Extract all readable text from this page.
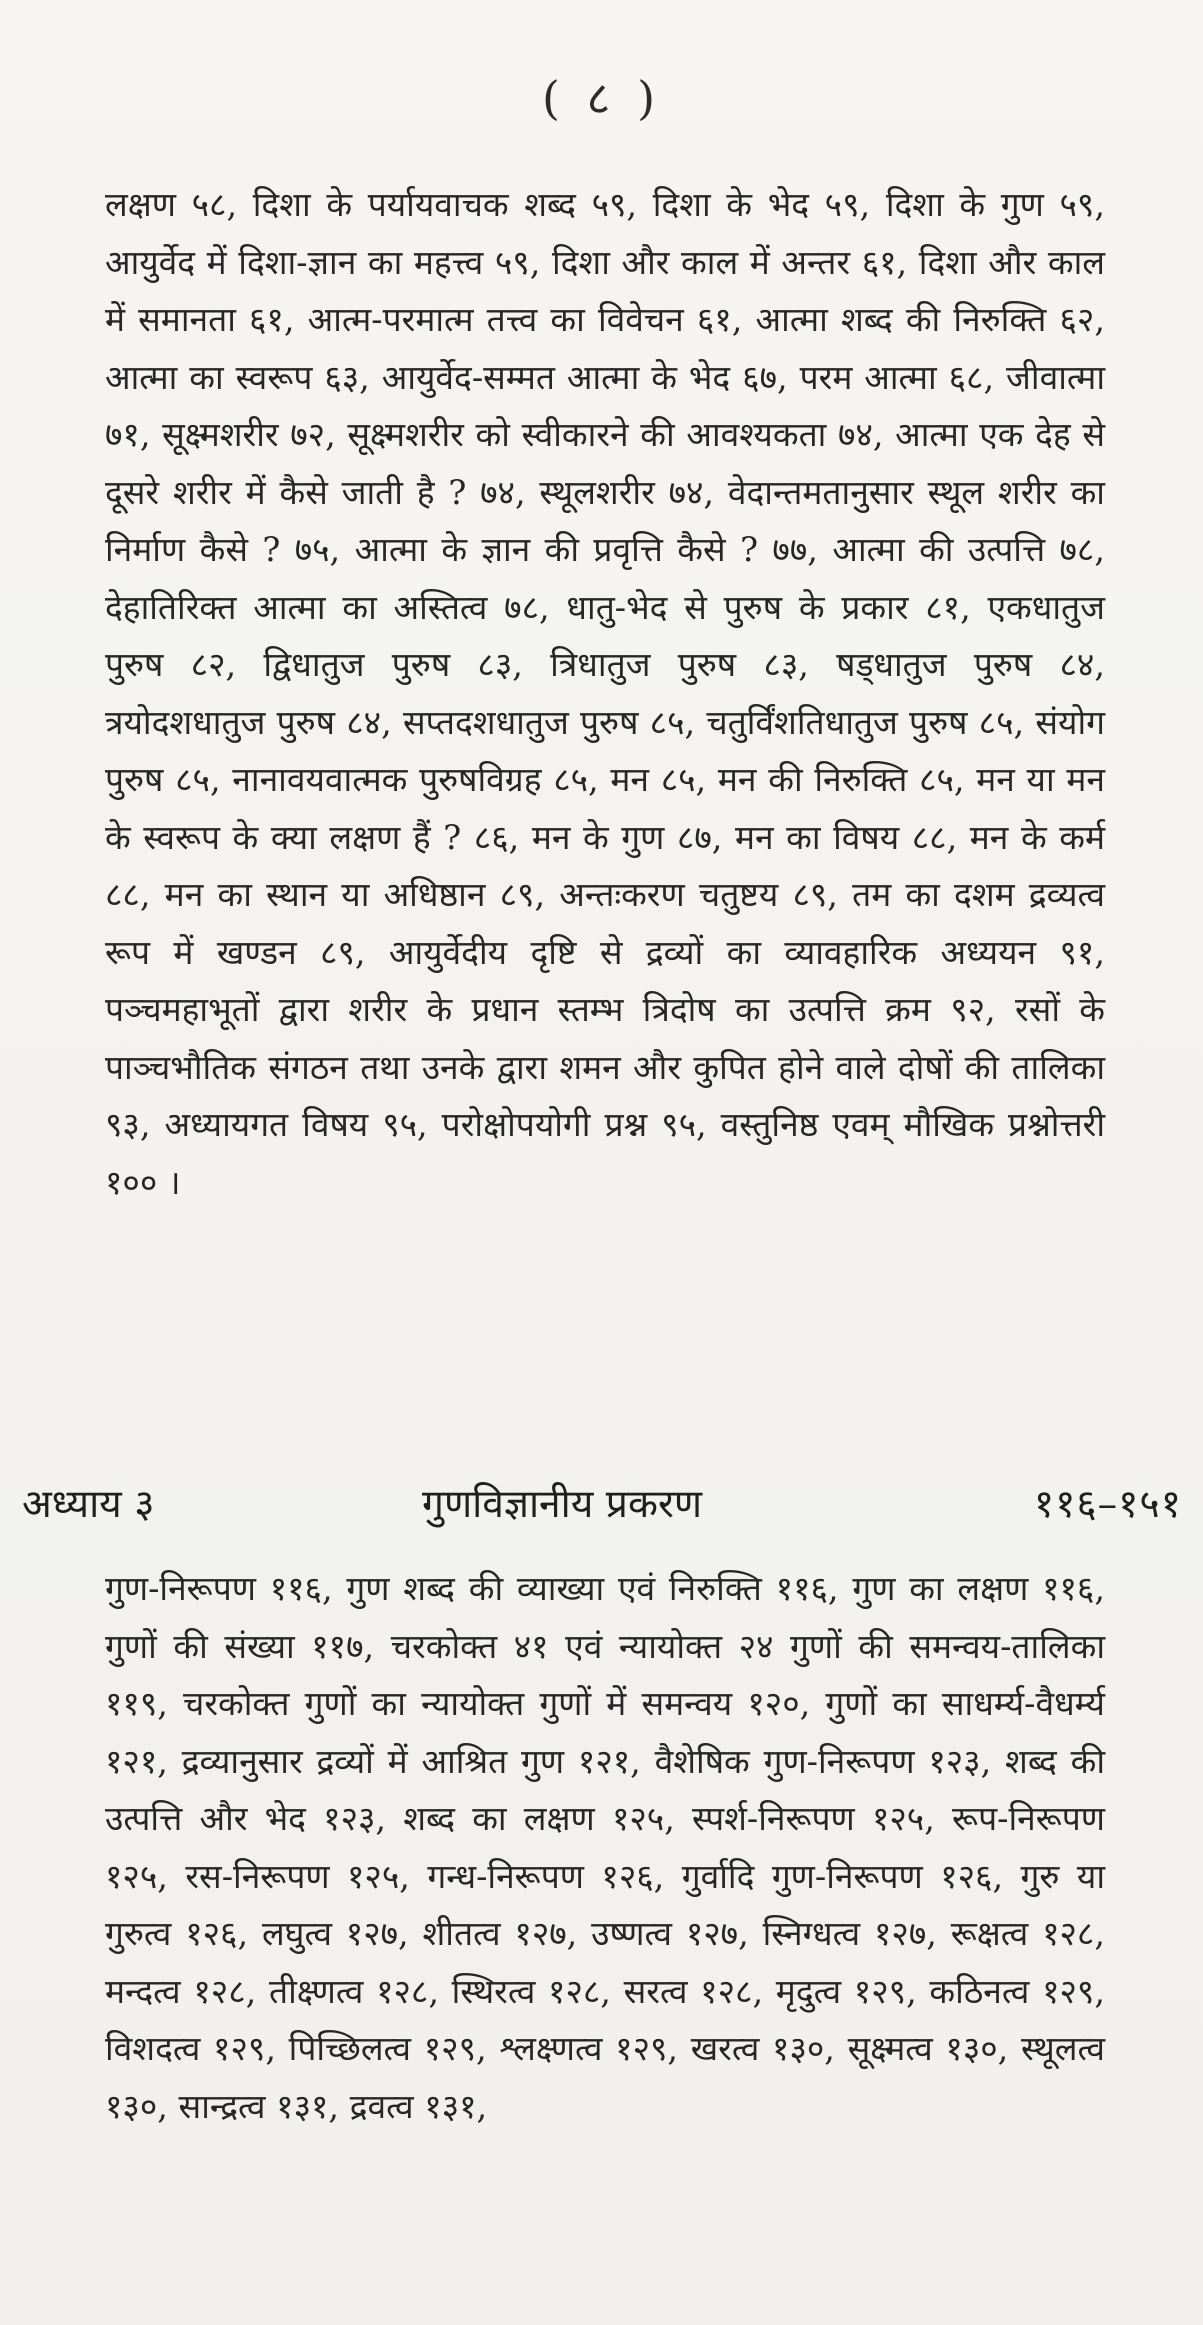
( ८ )

लक्षण ५८, दिशा के पर्यायवाचक शब्द ५९, दिशा के भेद ५९, दिशा के गुण ५९, आयुर्वेद में दिशा-ज्ञान का महत्त्व ५९, दिशा और काल में अन्तर ६१, दिशा और काल में समानता ६१, आत्म-परमात्म तत्त्व का विवेचन ६१, आत्मा शब्द की निरुक्ति ६२, आत्मा का स्वरूप ६३, आयुर्वेद-सम्मत आत्मा के भेद ६७, परम आत्मा ६८, जीवात्मा ७१, सूक्ष्मशरीर ७२, सूक्ष्मशरीर को स्वीकारने की आवश्यकता ७४, आत्मा एक देह से दूसरे शरीर में कैसे जाती है ? ७४, स्थूलशरीर ७४, वेदान्तमतानुसार स्थूल शरीर का निर्माण कैसे ? ७५, आत्मा के ज्ञान की प्रवृत्ति कैसे ? ७७, आत्मा की उत्पत्ति ७८, देहातिरिक्त आत्मा का अस्तित्व ७८, धातु-भेद से पुरुष के प्रकार ८१, एकधातुज पुरुष ८२, द्विधातुज पुरुष ८३, त्रिधातुज पुरुष ८३, षड्धातुज पुरुष ८४, त्रयोदशधातुज पुरुष ८४, सप्तदशधातुज पुरुष ८५, चतुर्विंशतिधातुज पुरुष ८५, संयोग पुरुष ८५, नानावयवात्मक पुरुषविग्रह ८५, मन ८५, मन की निरुक्ति ८५, मन या मन के स्वरूप के क्या लक्षण हैं ? ८६, मन के गुण ८७, मन का विषय ८८, मन के कर्म ८८, मन का स्थान या अधिष्ठान ८९, अन्तःकरण चतुष्टय ८९, तम का दशम द्रव्यत्व रूप में खण्डन ८९, आयुर्वेदीय दृष्टि से द्रव्यों का व्यावहारिक अध्ययन ९१, पञ्चमहाभूतों द्वारा शरीर के प्रधान स्तम्भ त्रिदोष का उत्पत्ति क्रम ९२, रसों के पाञ्चभौतिक संगठन तथा उनके द्वारा शमन और कुपित होने वाले दोषों की तालिका ९३, अध्यायगत विषय ९५, परोक्षोपयोगी प्रश्न ९५, वस्तुनिष्ठ एवम् मौखिक प्रश्नोत्तरी १०० ।

अध्याय ३	गुणविज्ञानीय प्रकरण	११६–१५१

गुण-निरूपण ११६, गुण शब्द की व्याख्या एवं निरुक्ति ११६, गुण का लक्षण ११६, गुणों की संख्या ११७, चरकोक्त ४१ एवं न्यायोक्त २४ गुणों की समन्वय-तालिका ११९, चरकोक्त गुणों का न्यायोक्त गुणों में समन्वय १२०, गुणों का साधर्म्य-वैधर्म्य १२१, द्रव्यानुसार द्रव्यों में आश्रित गुण १२१, वैशेषिक गुण-निरूपण १२३, शब्द की उत्पत्ति और भेद १२३, शब्द का लक्षण १२५, स्पर्श-निरूपण १२५, रूप-निरूपण १२५, रस-निरूपण १२५, गन्ध-निरूपण १२६, गुर्वादि गुण-निरूपण १२६, गुरु या गुरुत्व १२६, लघुत्व १२७, शीतत्व १२७, उष्णत्व १२७, स्निग्धत्व १२७, रूक्षत्व १२८, मन्दत्व १२८, तीक्ष्णत्व १२८, स्थिरत्व १२८, सरत्व १२८, मृदुत्व १२९, कठिनत्व १२९, विशदत्व १२९, पिच्छिलत्व १२९, श्लक्ष्णत्व १२९, खरत्व १३०, सूक्ष्मत्व १३०, स्थूलत्व १३०, सान्द्रत्व १३१, द्रवत्व १३१,
